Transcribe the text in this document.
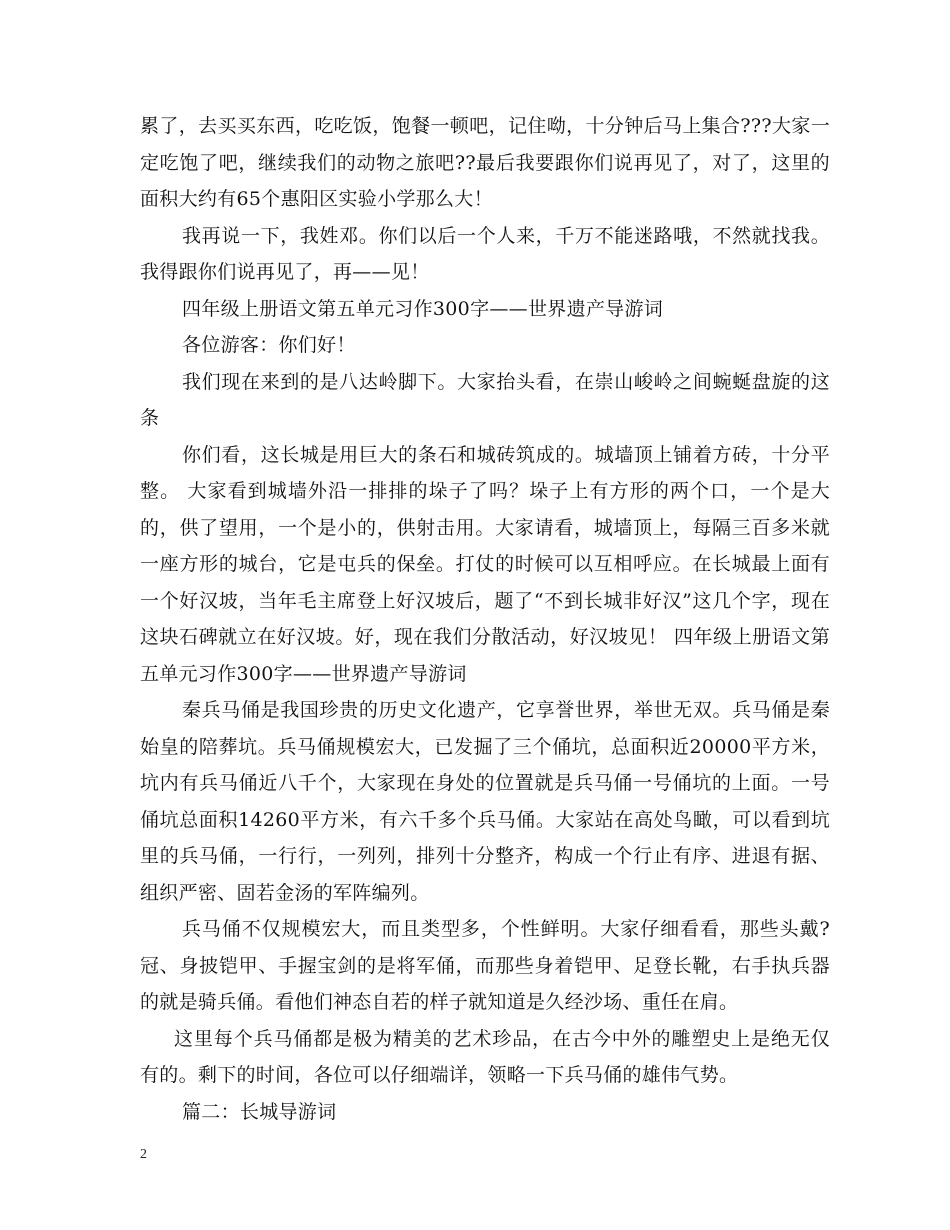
累了，去买买东西，吃吃饭，饱餐一顿吧，记住呦，十分钟后马上集合???大家一定吃饱了吧，继续我们的动物之旅吧??最后我要跟你们说再见了，对了，这里的面积大约有65个惠阳区实验小学那么大！

我再说一下，我姓邓。你们以后一个人来，千万不能迷路哦，不然就找我。我得跟你们说再见了，再——见！

四年级上册语文第五单元习作300字——世界遗产导游词

各位游客：你们好！

我们现在来到的是八达岭脚下。大家抬头看，在崇山峻岭之间蜿蜒盘旋的这条

你们看，这长城是用巨大的条石和城砖筑成的。城墙顶上铺着方砖，十分平整。 大家看到城墙外沿一排排的垛子了吗？垛子上有方形的两个口，一个是大的，供了望用，一个是小的，供射击用。大家请看，城墙顶上，每隔三百多米就一座方形的城台，它是屯兵的保垒。打仗的时候可以互相呼应。在长城最上面有一个好汉坡，当年毛主席登上好汉坡后，题了“不到长城非好汉”这几个字，现在这块石碑就立在好汉坡。好，现在我们分散活动，好汉坡见！ 四年级上册语文第五单元习作300字——世界遗产导游词

秦兵马俑是我国珍贵的历史文化遗产，它享誉世界，举世无双。兵马俑是秦始皇的陪葬坑。兵马俑规模宏大，已发掘了三个俑坑，总面积近20000平方米，坑内有兵马俑近八千个，大家现在身处的位置就是兵马俑一号俑坑的上面。一号俑坑总面积14260平方米，有六千多个兵马俑。大家站在高处鸟瞰，可以看到坑里的兵马俑，一行行，一列列，排列十分整齐，构成一个行止有序、进退有据、组织严密、固若金汤的军阵编列。

兵马俑不仅规模宏大，而且类型多，个性鲜明。大家仔细看看，那些头戴?冠、身披铠甲、手握宝剑的是将军俑，而那些身着铠甲、足登长靴，右手执兵器的就是骑兵俑。看他们神态自若的样子就知道是久经沙场、重任在肩。

这里每个兵马俑都是极为精美的艺术珍品，在古今中外的雕塑史上是绝无仅有的。剩下的时间，各位可以仔细端详，领略一下兵马俑的雄伟气势。

篇二：长城导游词

2
